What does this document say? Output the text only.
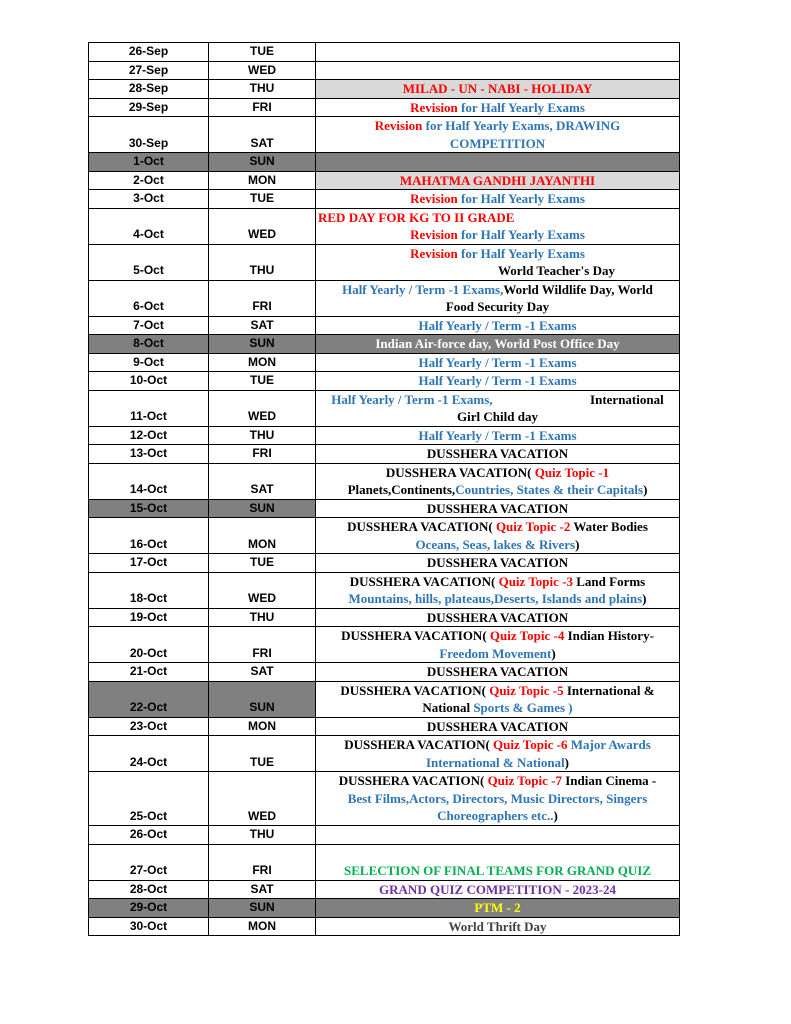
26-Sep	TUE	
27-Sep	WED	
28-Sep	THU	MILAD - UN - NABI - HOLIDAY

29-Sep	FRI	Revision for Half Yearly Exams

30-Sep	SAT	Revision for Half Yearly Exams, DRAWING
COMPETITION

1-Oct	SUN	
2-Oct	MON	MAHATMA GANDHI JAYANTHI

3-Oct	TUE	Revision for Half Yearly Exams

4-Oct	WED	RED DAY FOR KG TO II GRADE
Revision for Half Yearly Exams

5-Oct	THU	Revision for Half Yearly Exams
World Teacher's Day

6-Oct	FRI	Half Yearly / Term -1 Exams,World Wildlife Day, World
Food Security Day

7-Oct	SAT	Half Yearly / Term -1 Exams

8-Oct	SUN	Indian Air-force day, World Post Office Day

9-Oct	MON	Half Yearly / Term -1 Exams

10-Oct	TUE	Half Yearly / Term -1 Exams

11-Oct	WED	Half Yearly / Term -1 Exams,                              International
Girl Child day

12-Oct	THU	Half Yearly / Term -1 Exams

13-Oct	FRI	DUSSHERA VACATION

14-Oct	SAT	DUSSHERA VACATION( Quiz Topic -1
Planets,Continents,Countries, States & their Capitals)

15-Oct	SUN	DUSSHERA VACATION

16-Oct	MON	DUSSHERA VACATION( Quiz Topic -2 Water Bodies
Oceans, Seas, lakes & Rivers)

17-Oct	TUE	DUSSHERA VACATION

18-Oct	WED	DUSSHERA VACATION( Quiz Topic -3 Land Forms
Mountains, hills, plateaus,Deserts, Islands and plains)

19-Oct	THU	DUSSHERA VACATION

20-Oct	FRI	DUSSHERA VACATION( Quiz Topic -4 Indian History-
Freedom Movement)

21-Oct	SAT	DUSSHERA VACATION

22-Oct	SUN	DUSSHERA VACATION( Quiz Topic -5 International &
National Sports & Games )

23-Oct	MON	DUSSHERA VACATION

24-Oct	TUE	DUSSHERA VACATION( Quiz Topic -6 Major Awards
International & National)

25-Oct	WED	DUSSHERA VACATION( Quiz Topic -7 Indian Cinema -
Best Films,Actors, Directors, Music Directors, Singers
Choreographers etc..)

26-Oct	THU	
27-Oct	FRI	SELECTION OF FINAL TEAMS FOR GRAND QUIZ

28-Oct	SAT	GRAND QUIZ COMPETITION - 2023-24

29-Oct	SUN	PTM - 2

30-Oct	MON	World Thrift Day
